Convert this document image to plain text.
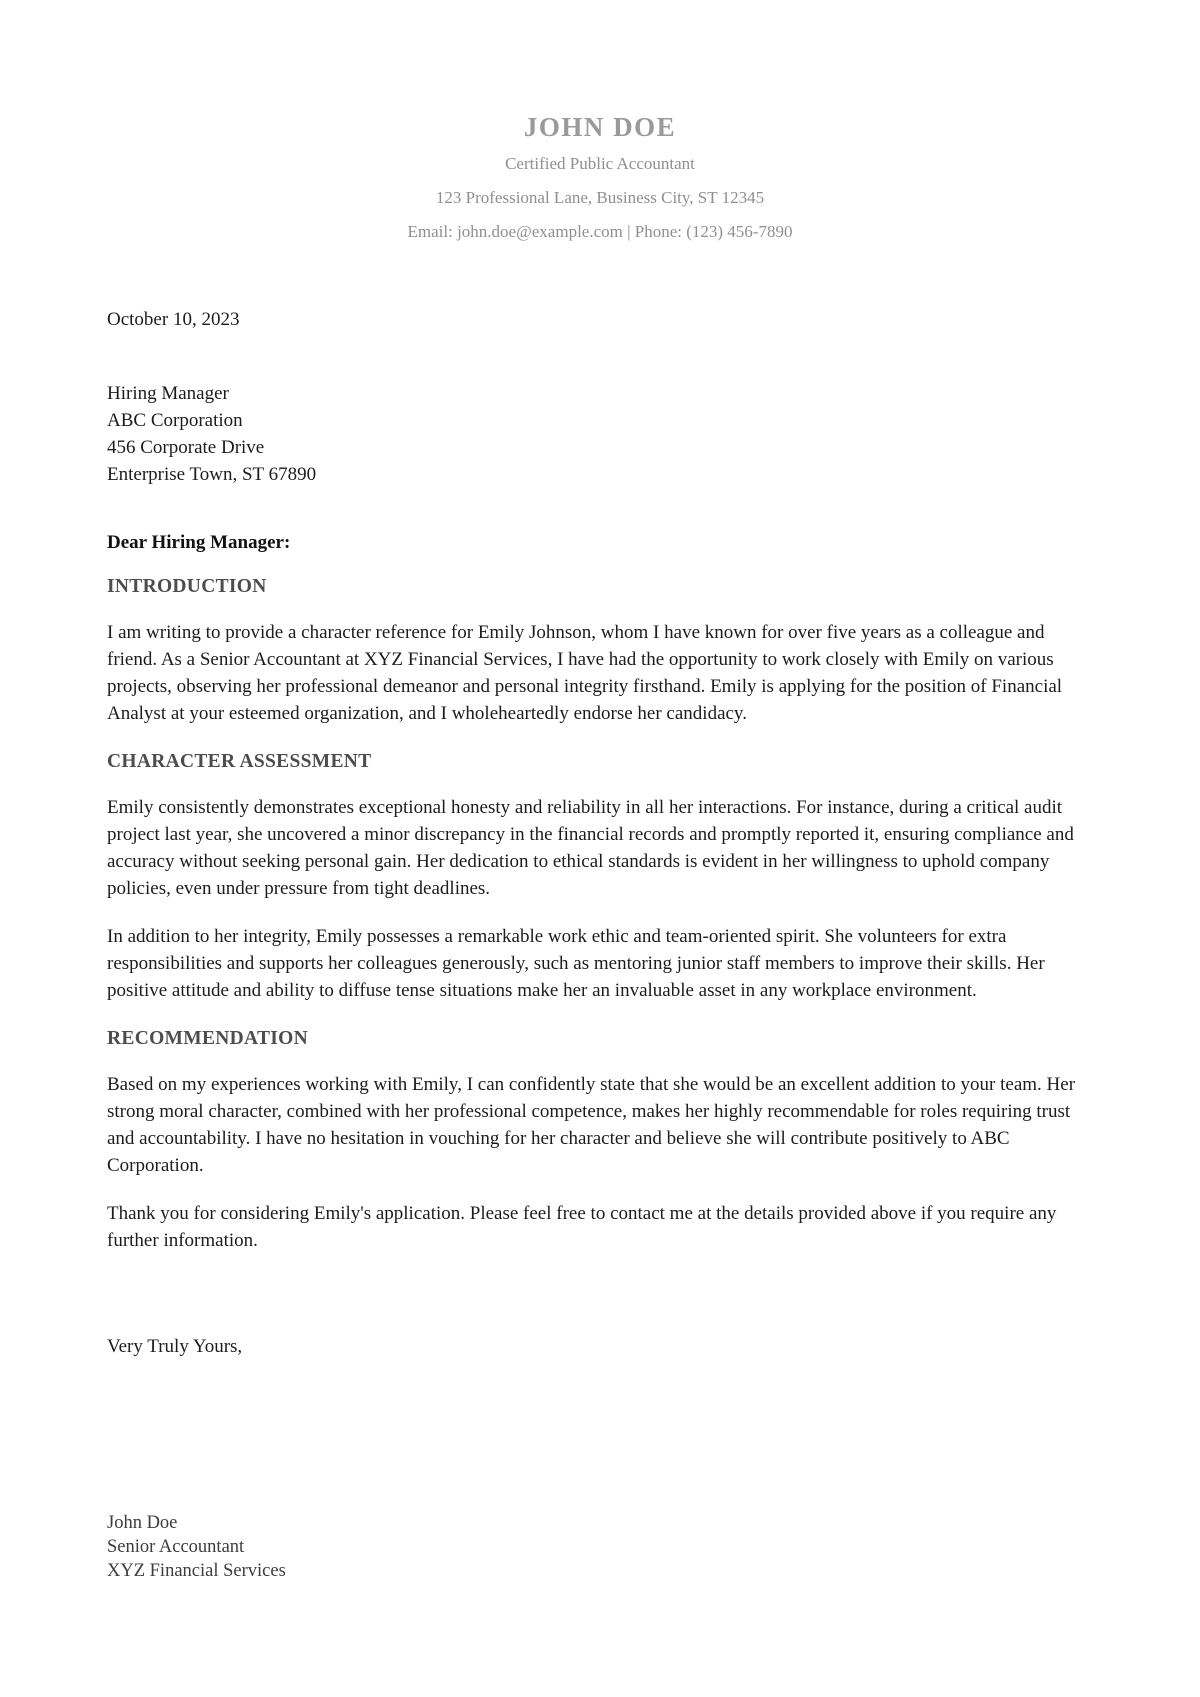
JOHN DOE
Certified Public Accountant
123 Professional Lane, Business City, ST 12345
Email: john.doe@example.com | Phone: (123) 456-7890

October 10, 2023

Hiring Manager
ABC Corporation
456 Corporate Drive
Enterprise Town, ST 67890

Dear Hiring Manager:

INTRODUCTION

I am writing to provide a character reference for Emily Johnson, whom I have known for over five years as a colleague and friend. As a Senior Accountant at XYZ Financial Services, I have had the opportunity to work closely with Emily on various projects, observing her professional demeanor and personal integrity firsthand. Emily is applying for the position of Financial Analyst at your esteemed organization, and I wholeheartedly endorse her candidacy.

CHARACTER ASSESSMENT

Emily consistently demonstrates exceptional honesty and reliability in all her interactions. For instance, during a critical audit project last year, she uncovered a minor discrepancy in the financial records and promptly reported it, ensuring compliance and accuracy without seeking personal gain. Her dedication to ethical standards is evident in her willingness to uphold company policies, even under pressure from tight deadlines.

In addition to her integrity, Emily possesses a remarkable work ethic and team-oriented spirit. She volunteers for extra responsibilities and supports her colleagues generously, such as mentoring junior staff members to improve their skills. Her positive attitude and ability to diffuse tense situations make her an invaluable asset in any workplace environment.

RECOMMENDATION

Based on my experiences working with Emily, I can confidently state that she would be an excellent addition to your team. Her strong moral character, combined with her professional competence, makes her highly recommendable for roles requiring trust and accountability. I have no hesitation in vouching for her character and believe she will contribute positively to ABC Corporation.

Thank you for considering Emily's application. Please feel free to contact me at the details provided above if you require any further information.

Very Truly Yours,

John Doe
Senior Accountant
XYZ Financial Services
